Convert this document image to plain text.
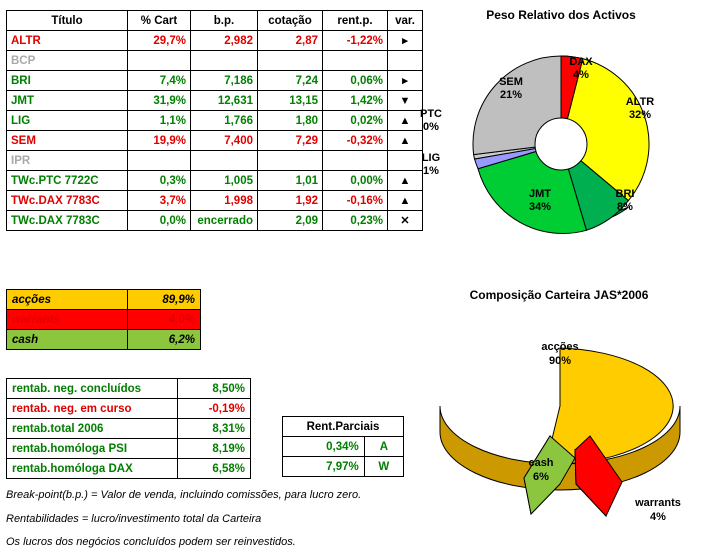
Título	% Cart	b.p.	cotação	rent.p.	var.
ALTR	29,7%	2,982	2,87	-1,22%	▸
BCP					
BRI	7,4%	7,186	7,24	0,06%	▸
JMT	31,9%	12,631	13,15	1,42%	▼
LIG	1,1%	1,766	1,80	0,02%	▲
SEM	19,9%	7,400	7,29	-0,32%	▲
IPR					
TWc.PTC 7722C	0,3%	1,005	1,01	0,00%	▲
TWc.DAX 7783C	3,7%	1,998	1,92	-0,16%	▲
TWc.DAX 7783C	0,0%	encerrado	2,09	0,23%	✕
acções	89,9%
warrants	4,0%
cash	6,2%
rentab. neg. concluídos	8,50%
rentab. neg. em curso	-0,19%
rentab.total 2006	8,31%
rentab.homóloga PSI	8,19%
rentab.homóloga DAX	6,58%
Rent.Parciais	
0,34%	A
7,97%	W
Break-point(b.p.) = Valor de venda, incluindo comissões, para lucro zero.
Rentabilidades = lucro/investimento total da Carteira
Os lucros dos negócios concluídos podem ser reinvestidos.
Peso Relativo dos Activos
ALTR
32%
BRI
8%
JMT
34%
LIG
1%
PTC
0%
SEM
21%
DAX
4%
Composição Carteira JAS*2006
acções
90%
cash
6%
warrants
4%
